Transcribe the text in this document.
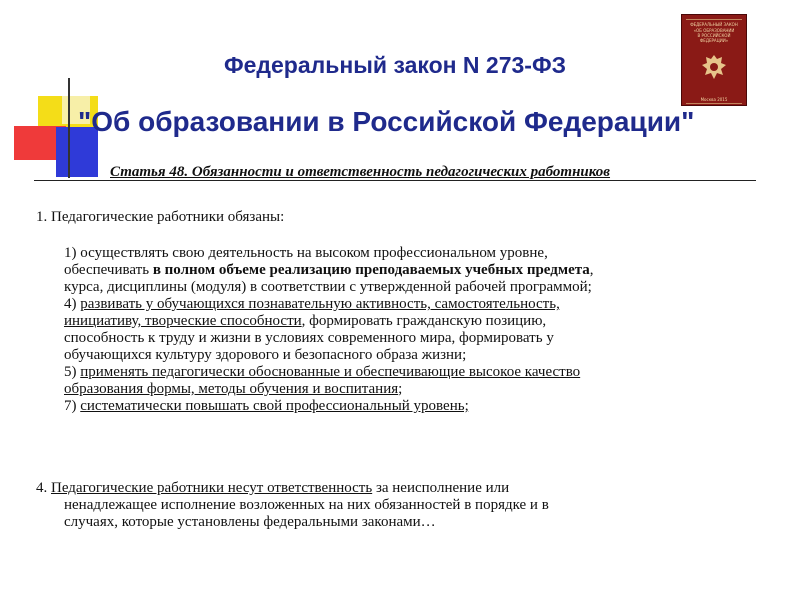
Федеральный закон N 273-ФЗ
"Об образовании в Российской Федерации"
ФЕДЕРАЛЬНЫЙ ЗАКОН
«ОБ ОБРАЗОВАНИИ
В РОССИЙСКОЙ
ФЕДЕРАЦИИ»
Москва 2015
Статья 48. Обязанности и ответственность педагогических работников
1. Педагогические работники обязаны:
1) осуществлять свою деятельность на высоком профессиональном уровне,
обеспечивать в полном объеме реализацию преподаваемых учебных предмета,
курса, дисциплины (модуля) в соответствии с утвержденной рабочей программой;
4) развивать у обучающихся познавательную активность, самостоятельность,
инициативу, творческие способности, формировать гражданскую позицию,
способность к труду и жизни в условиях современного мира, формировать у
обучающихся культуру здорового и безопасного образа жизни;
5) применять педагогически обоснованные и обеспечивающие высокое качество
образования формы, методы обучения и воспитания;
7) систематически повышать свой профессиональный уровень;
4. Педагогические работники несут ответственность за неисполнение или
ненадлежащее исполнение возложенных на них обязанностей в порядке и в
случаях, которые установлены федеральными законами…
